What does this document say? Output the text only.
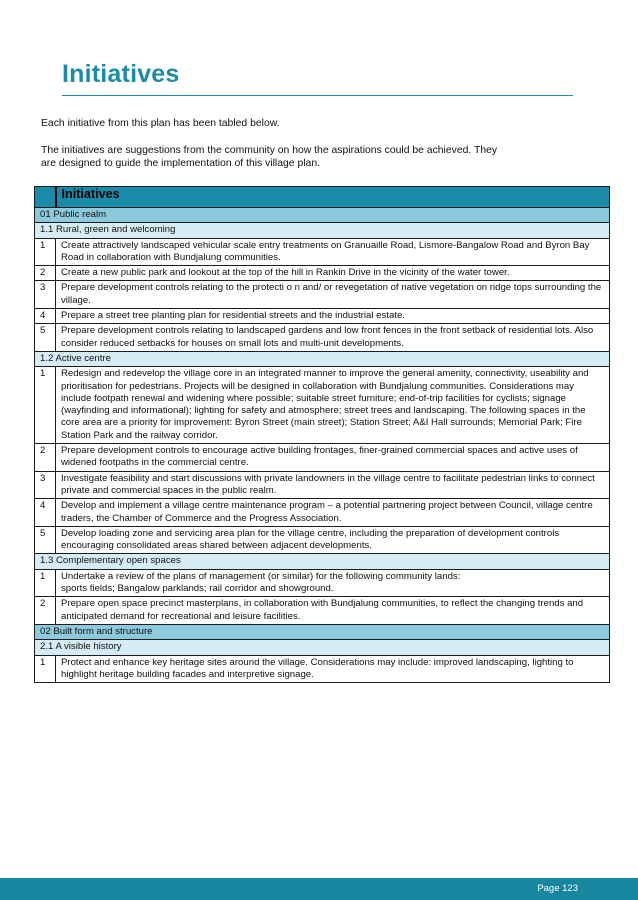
Initiatives

Each initiative from this plan has been tabled below.

The initiatives are suggestions from the community on how the aspirations could be achieved. They
are designed to guide the implementation of this village plan.

	Initiatives
01 Public realm	
1.1 Rural, green and welcoming	
1	Create attractively landscaped vehicular scale entry treatments on Granuaille Road, Lismore-Bangalow Road and Byron Bay Road in collaboration with Bundjalung communities.
2	Create a new public park and lookout at the top of the hill in Rankin Drive in the vicinity of the water tower.
3	Prepare development controls relating to the protecti o n and/ or revegetation of native vegetation on ridge tops surrounding the village.
4	Prepare a street tree planting plan for residential streets and the industrial estate.
5	Prepare development controls relating to landscaped gardens and low front fences in the front setback of residential lots. Also consider reduced setbacks for houses on small lots and multi-unit developments.
1.2 Active centre	
1	Redesign and redevelop the village core in an integrated manner to improve the general amenity, connectivity, useability and prioritisation for pedestrians. Projects will be designed in collaboration with Bundjalung communities. Considerations may include footpath renewal and widening where possible; suitable street furniture; end-of-trip facilities for cyclists; signage (wayfinding and informational); lighting for safety and atmosphere; street trees and landscaping. The following spaces in the core area are a priority for improvement: Byron Street (main street); Station Street; A&I Hall surrounds; Memorial Park; Fire Station Park and the railway corridor.
2	Prepare development controls to encourage active building frontages, finer-grained commercial spaces and active uses of widened footpaths in the commercial centre.
3	Investigate feasibility and start discussions with private landowners in the village centre to facilitate pedestrian links to connect private and commercial spaces in the public realm.
4	Develop and implement a village centre maintenance program – a potential partnering project between Council, village centre traders, the Chamber of Commerce and the Progress Association.
5	Develop loading zone and servicing area plan for the village centre, including the preparation of development controls encouraging consolidated areas shared between adjacent developments.
1.3 Complementary open spaces	
1	Undertake a review of the plans of management (or similar) for the following community lands:
sports fields; Bangalow parklands; rail corridor and showground.
2	Prepare open space precinct masterplans, in collaboration with Bundjalung communities, to reflect the changing trends and anticipated demand for recreational and leisure facilities.
02 Built form and structure	
2.1 A visible history	
1	Protect and enhance key heritage sites around the village. Considerations may include: improved landscaping, lighting to highlight heritage building facades and interpretive signage.
Page 123
